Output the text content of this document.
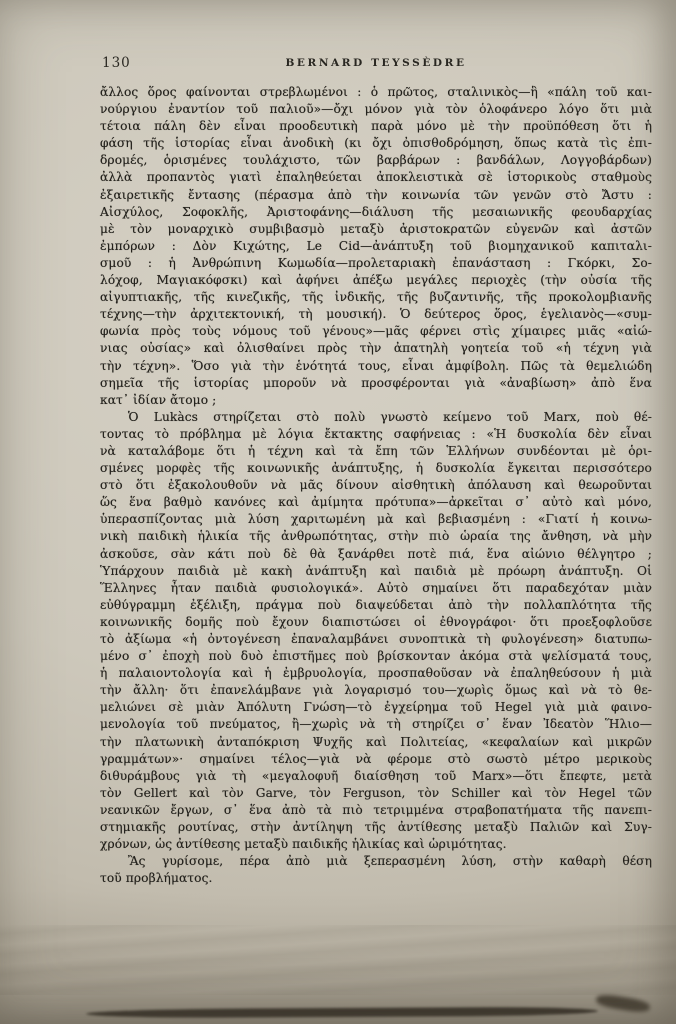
130	BERNARD TEYSSÈDRE
ἄλλος ὅρος φαίνονται στρεβλωμένοι : ὁ πρῶτος, σταλινικὸς—ἣ «πάλη τοῦ και-
νούργιου ἐναντίον τοῦ παλιοῦ»—ὄχι μόνον γιὰ τὸν ὁλοφάνερο λόγο ὅτι μιὰ
τέτοια πάλη δὲν εἶναι προοδευτικὴ παρὰ μόνο μὲ τὴν προϋπόθεση ὅτι ἡ
φάση τῆς ἱστορίας εἶναι ἀνοδικὴ (κι ὄχι ὀπισθοδρόμηση, ὅπως κατὰ τὶς ἐπι-
δρομές, ὁρισμένες τουλάχιστο, τῶν βαρβάρων : βανδάλων, Λογγοβάρδων)
ἀλλὰ προπαντὸς γιατὶ ἐπαληθεύεται ἀποκλειστικὰ σὲ ἱστορικοὺς σταθμοὺς
ἐξαιρετικῆς ἔντασης (πέρασμα ἀπὸ τὴν κοινωνία τῶν γενῶν στὸ Ἄστυ :
Αἰσχύλος, Σοφοκλῆς, Ἀριστοφάνης—διάλυση τῆς μεσαιωνικῆς φεουδαρχίας
μὲ τὸν μοναρχικὸ συμβιβασμὸ μεταξὺ ἀριστοκρατῶν εὐγενῶν καὶ ἀστῶν
ἐμπόρων : Δὸν Κιχώτης, Le Cid—ἀνάπτυξη τοῦ βιομηχανικοῦ καπιταλι-
σμοῦ : ἡ Ἀνθρώπινη Κωμωδία—προλεταριακὴ ἐπανάσταση : Γκόρκι, Σο-
λόχοφ, Μαγιακόφσκι) καὶ ἀφήνει ἀπέξω μεγάλες περιοχὲς (τὴν οὐσία τῆς
αἰγυπτιακῆς, τῆς κινεζικῆς, τῆς ἰνδικῆς, τῆς βυζαντινῆς, τῆς προκολομβιανῆς
τέχνης—τὴν ἀρχιτεκτονική, τὴ μουσική). Ὁ δεύτερος ὅρος, ἑγελιανὸς—«συμ-
φωνία πρὸς τοὺς νόμους τοῦ γένους»—μᾶς φέρνει στὶς χίμαιρες μιᾶς «αἰώ-
νιας οὐσίας» καὶ ὀλισθαίνει πρὸς τὴν ἀπατηλὴ γοητεία τοῦ «ἡ τέχνη γιὰ
τὴν τέχνη». Ὅσο γιὰ τὴν ἑνότητά τους, εἶναι ἀμφίβολη. Πῶς τὰ θεμελιώδη
σημεῖα τῆς ἱστορίας μποροῦν νὰ προσφέρονται γιὰ «ἀναβίωση» ἀπὸ ἕνα
κατ᾽ ἰδίαν ἄτομο ;
Ὁ Lukàcs στηρίζεται στὸ πολὺ γνωστὸ κείμενο τοῦ Marx, ποὺ θέ-
τοντας τὸ πρόβλημα μὲ λόγια ἔκτακτης σαφήνειας : «Ἡ δυσκολία δὲν εἶναι
νὰ καταλάβομε ὅτι ἡ τέχνη καὶ τὰ ἔπη τῶν Ἑλλήνων συνδέονται μὲ ὁρι-
σμένες μορφὲς τῆς κοινωνικῆς ἀνάπτυξης, ἡ δυσκολία ἔγκειται περισσότερο
στὸ ὅτι ἐξακολουθοῦν νὰ μᾶς δίνουν αἰσθητικὴ ἀπόλαυση καὶ θεωροῦνται
ὥς ἕνα βαθμὸ κανόνες καὶ ἀμίμητα πρότυπα»—ἀρκεῖται σ᾽ αὐτὸ καὶ μόνο,
ὑπερασπίζοντας μιὰ λύση χαριτωμένη μὰ καὶ βεβιασμένη : «Γιατί ἡ κοινω-
νικὴ παιδικὴ ἡλικία τῆς ἀνθρωπότητας, στὴν πιὸ ὡραία της ἄνθηση, νὰ μὴν
ἀσκοῦσε, σὰν κάτι ποὺ δὲ θὰ ξανάρθει ποτὲ πιά, ἕνα αἰώνιο θέλγητρο ;
Ὑπάρχουν παιδιὰ μὲ κακὴ ἀνάπτυξη καὶ παιδιὰ μὲ πρόωρη ἀνάπτυξη. Οἱ
Ἕλληνες ἦταν παιδιὰ φυσιολογικά». Αὐτὸ σημαίνει ὅτι παραδεχόταν μιὰν
εὐθύγραμμη ἐξέλιξη, πράγμα ποὺ διαψεύδεται ἀπὸ τὴν πολλαπλότητα τῆς
κοινωνικῆς δομῆς ποὺ ἔχουν διαπιστώσει οἱ ἐθνογράφοι· ὅτι προεξοφλοῦσε
τὸ ἀξίωμα «ἡ ὀντογένεση ἐπαναλαμβάνει συνοπτικὰ τὴ φυλογένεση» διατυπω-
μένο σ᾽ ἐποχὴ ποὺ δυὸ ἐπιστῆμες ποὺ βρίσκονταν ἀκόμα στὰ ψελίσματά τους,
ἡ παλαιοντολογία καὶ ἡ ἐμβρυολογία, προσπαθοῦσαν νὰ ἐπαληθεύσουν ἡ μιὰ
τὴν ἄλλη· ὅτι ἐπανελάμβανε γιὰ λογαρισμό του—χωρὶς ὅμως καὶ νὰ τὸ θε-
μελιώνει σὲ μιὰν Ἀπόλυτη Γνώση—τὸ ἐγχείρημα τοῦ Hegel γιὰ μιὰ φαινο-
μενολογία τοῦ πνεύματος, ἢ—χωρὶς νὰ τὴ στηρίζει σ᾽ ἕναν Ἰδεατὸν Ἥλιο—
τὴν πλατωνικὴ ἀνταπόκριση Ψυχῆς καὶ Πολιτείας, «κεφαλαίων καὶ μικρῶν
γραμμάτων»· σημαίνει τέλος—γιὰ νὰ φέρομε στὸ σωστὸ μέτρο μερικοὺς
διθυράμβους γιὰ τὴ «μεγαλοφυῆ διαίσθηση τοῦ Marx»—ὅτι ἔπεφτε, μετὰ
τὸν Gellert καὶ τὸν Garve, τὸν Ferguson, τὸν Schiller καὶ τὸν Hegel τῶν
νεανικῶν ἔργων, σ᾽ ἕνα ἀπὸ τὰ πιὸ τετριμμένα στραβοπατήματα τῆς πανεπι-
στημιακῆς ρουτίνας, στὴν ἀντίληψη τῆς ἀντίθεσης μεταξὺ Παλιῶν καὶ Συγ-
χρόνων, ὡς ἀντίθεσης μεταξὺ παιδικῆς ἡλικίας καὶ ὡριμότητας.
Ἂς γυρίσομε, πέρα ἀπὸ μιὰ ξεπερασμένη λύση, στὴν καθαρὴ θέση
τοῦ προβλήματος.
